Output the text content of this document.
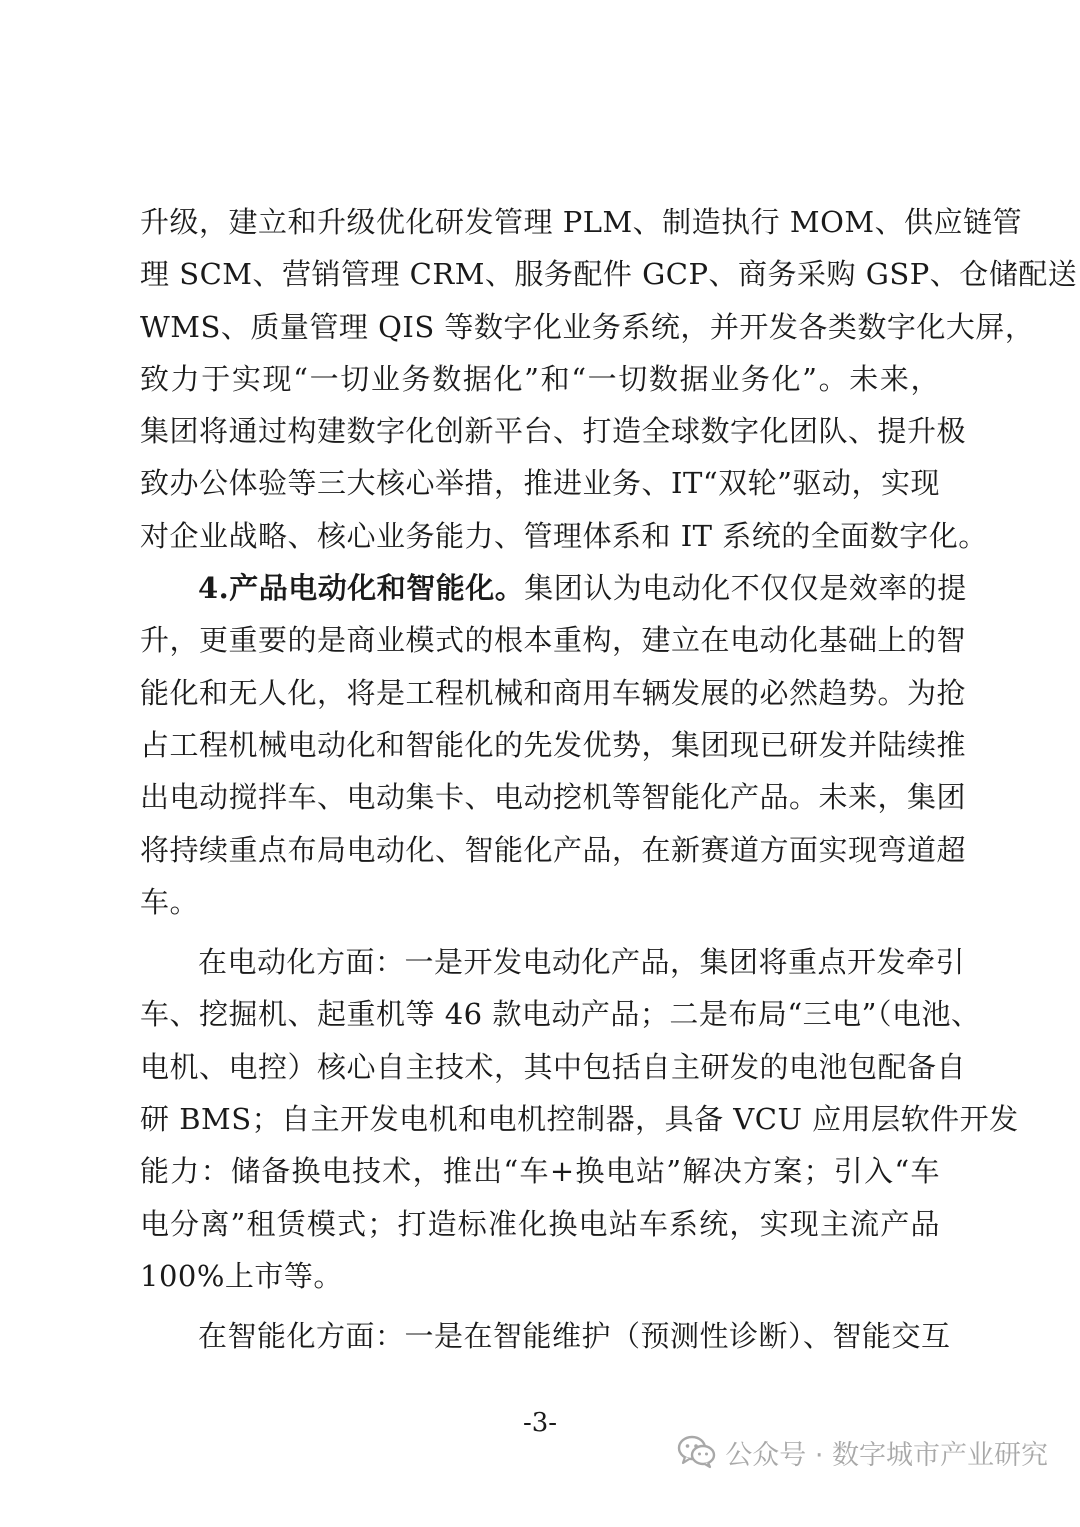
升级，建立和升级优化研发管理 PLM、制造执行 MOM、供应链管
理 SCM、营销管理 CRM、服务配件 GCP、商务采购 GSP、仓储配送
WMS、质量管理 QIS 等数字化业务系统，并开发各类数字化大屏，
致力于实现“一切业务数据化”和“一切数据业务化”。未来，
集团将通过构建数字化创新平台、打造全球数字化团队、提升极
致办公体验等三大核心举措，推进业务、IT“双轮”驱动，实现
对企业战略、核心业务能力、管理体系和 IT 系统的全面数字化。
4.产品电动化和智能化。集团认为电动化不仅仅是效率的提
升，更重要的是商业模式的根本重构，建立在电动化基础上的智
能化和无人化，将是工程机械和商用车辆发展的必然趋势。为抢
占工程机械电动化和智能化的先发优势，集团现已研发并陆续推
出电动搅拌车、电动集卡、电动挖机等智能化产品。未来，集团
将持续重点布局电动化、智能化产品，在新赛道方面实现弯道超
车。
在电动化方面：一是开发电动化产品，集团将重点开发牵引
车、挖掘机、起重机等 46 款电动产品；二是布局“三电”（电池、
电机、电控）核心自主技术，其中包括自主研发的电池包配备自
研 BMS；自主开发电机和电机控制器，具备 VCU 应用层软件开发
能力：储备换电技术，推出“车+换电站”解决方案；引入“车
电分离”租赁模式；打造标准化换电站车系统，实现主流产品
100%上市等。
在智能化方面：一是在智能维护（预测性诊断）、智能交互
-3-
公众号 · 数字城市产业研究
